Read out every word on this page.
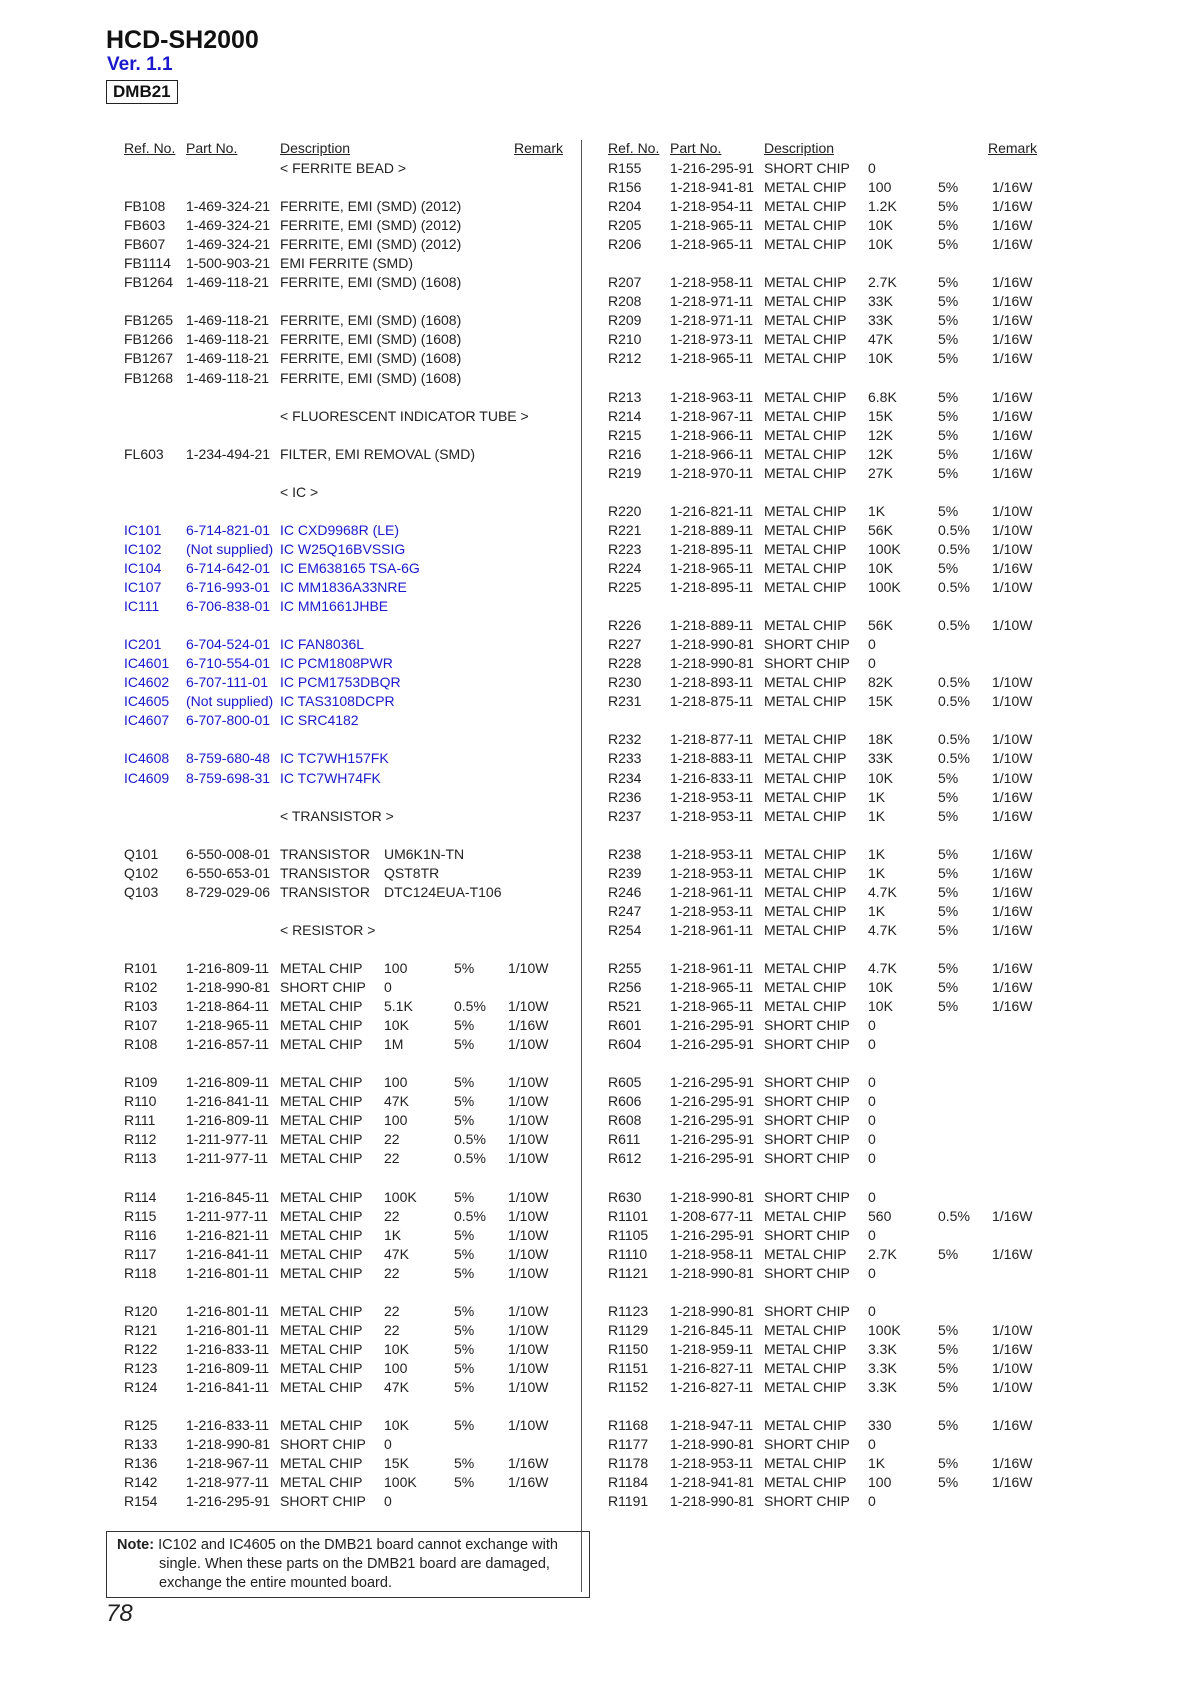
HCD-SH2000
Ver. 1.1
DMB21
Ref. No. Part No.	Description	Remark
< FERRITE BEAD >
FB108 1-469-324-21 FERRITE, EMI (SMD) (2012)
FB603 1-469-324-21 FERRITE, EMI (SMD) (2012)
FB607 1-469-324-21 FERRITE, EMI (SMD) (2012)
FB1114 1-500-903-21 EMI FERRITE (SMD)
FB1264 1-469-118-21 FERRITE, EMI (SMD) (1608)
FB1265 1-469-118-21 FERRITE, EMI (SMD) (1608)
FB1266 1-469-118-21 FERRITE, EMI (SMD) (1608)
FB1267 1-469-118-21 FERRITE, EMI (SMD) (1608)
FB1268 1-469-118-21 FERRITE, EMI (SMD) (1608)
< FLUORESCENT INDICATOR TUBE >
FL603 1-234-494-21 FILTER, EMI REMOVAL (SMD)
< IC >
IC101 6-714-821-01 IC CXD9968R (LE)
IC102 (Not supplied) IC W25Q16BVSSIG
IC104 6-714-642-01 IC EM638165 TSA-6G
IC107 6-716-993-01 IC MM1836A33NRE
IC111 6-706-838-01 IC MM1661JHBE
IC201 6-704-524-01 IC FAN8036L
IC4601 6-710-554-01 IC PCM1808PWR
IC4602 6-707-111-01 IC PCM1753DBQR
IC4605 (Not supplied) IC TAS3108DCPR
IC4607 6-707-800-01 IC SRC4182
IC4608 8-759-680-48 IC TC7WH157FK
IC4609 8-759-698-31 IC TC7WH74FK
< TRANSISTOR >
Q101 6-550-008-01 TRANSISTOR UM6K1N-TN
Q102 6-550-653-01 TRANSISTOR QST8TR
Q103 8-729-029-06 TRANSISTOR DTC124EUA-T106
< RESISTOR >
R101 1-216-809-11 METAL CHIP 100	5% 1/10W
R102 1-218-990-81 SHORT CHIP 0
R103 1-218-864-11 METAL CHIP 5.1K	0.5% 1/10W
R107 1-218-965-11 METAL CHIP 10K	5% 1/16W
R108 1-216-857-11 METAL CHIP 1M	5% 1/10W
R109 1-216-809-11 METAL CHIP 100	5% 1/10W
R110 1-216-841-11 METAL CHIP 47K	5% 1/10W
R111 1-216-809-11 METAL CHIP 100	5% 1/10W
R112 1-211-977-11 METAL CHIP 22	0.5% 1/10W
R113 1-211-977-11 METAL CHIP 22	0.5% 1/10W
R114 1-216-845-11 METAL CHIP 100K	5% 1/10W
R115 1-211-977-11 METAL CHIP 22	0.5% 1/10W
R116 1-216-821-11 METAL CHIP 1K	5% 1/10W
R117 1-216-841-11 METAL CHIP 47K	5% 1/10W
R118 1-216-801-11 METAL CHIP 22	5% 1/10W
R120 1-216-801-11 METAL CHIP 22	5% 1/10W
R121 1-216-801-11 METAL CHIP 22	5% 1/10W
R122 1-216-833-11 METAL CHIP 10K	5% 1/10W
R123 1-216-809-11 METAL CHIP 100	5% 1/10W
R124 1-216-841-11 METAL CHIP 47K	5% 1/10W
R125 1-216-833-11 METAL CHIP 10K	5% 1/10W
R133 1-218-990-81 SHORT CHIP 0
R136 1-218-967-11 METAL CHIP 15K	5% 1/16W
R142 1-218-977-11 METAL CHIP 100K	5% 1/16W
R154 1-216-295-91 SHORT CHIP 0
Ref. No. Part No.	Description	Remark
R155 1-216-295-91 SHORT CHIP 0
R156 1-218-941-81 METAL CHIP 100	5% 1/16W
R204 1-218-954-11 METAL CHIP 1.2K	5% 1/16W
R205 1-218-965-11 METAL CHIP 10K	5% 1/16W
R206 1-218-965-11 METAL CHIP 10K	5% 1/16W
R207 1-218-958-11 METAL CHIP 2.7K	5% 1/16W
R208 1-218-971-11 METAL CHIP 33K	5% 1/16W
R209 1-218-971-11 METAL CHIP 33K	5% 1/16W
R210 1-218-973-11 METAL CHIP 47K	5% 1/16W
R212 1-218-965-11 METAL CHIP 10K	5% 1/16W
R213 1-218-963-11 METAL CHIP 6.8K	5% 1/16W
R214 1-218-967-11 METAL CHIP 15K	5% 1/16W
R215 1-218-966-11 METAL CHIP 12K	5% 1/16W
R216 1-218-966-11 METAL CHIP 12K	5% 1/16W
R219 1-218-970-11 METAL CHIP 27K	5% 1/16W
R220 1-216-821-11 METAL CHIP 1K	5% 1/10W
R221 1-218-889-11 METAL CHIP 56K	0.5% 1/10W
R223 1-218-895-11 METAL CHIP 100K	0.5% 1/10W
R224 1-218-965-11 METAL CHIP 10K	5% 1/16W
R225 1-218-895-11 METAL CHIP 100K	0.5% 1/10W
R226 1-218-889-11 METAL CHIP 56K	0.5% 1/10W
R227 1-218-990-81 SHORT CHIP 0
R228 1-218-990-81 SHORT CHIP 0
R230 1-218-893-11 METAL CHIP 82K	0.5% 1/10W
R231 1-218-875-11 METAL CHIP 15K	0.5% 1/10W
R232 1-218-877-11 METAL CHIP 18K	0.5% 1/10W
R233 1-218-883-11 METAL CHIP 33K	0.5% 1/10W
R234 1-216-833-11 METAL CHIP 10K	5% 1/10W
R236 1-218-953-11 METAL CHIP 1K	5% 1/16W
R237 1-218-953-11 METAL CHIP 1K	5% 1/16W
R238 1-218-953-11 METAL CHIP 1K	5% 1/16W
R239 1-218-953-11 METAL CHIP 1K	5% 1/16W
R246 1-218-961-11 METAL CHIP 4.7K	5% 1/16W
R247 1-218-953-11 METAL CHIP 1K	5% 1/16W
R254 1-218-961-11 METAL CHIP 4.7K	5% 1/16W
R255 1-218-961-11 METAL CHIP 4.7K	5% 1/16W
R256 1-218-965-11 METAL CHIP 10K	5% 1/16W
R521 1-218-965-11 METAL CHIP 10K	5% 1/16W
R601 1-216-295-91 SHORT CHIP 0
R604 1-216-295-91 SHORT CHIP 0
R605 1-216-295-91 SHORT CHIP 0
R606 1-216-295-91 SHORT CHIP 0
R608 1-216-295-91 SHORT CHIP 0
R611 1-216-295-91 SHORT CHIP 0
R612 1-216-295-91 SHORT CHIP 0
R630 1-218-990-81 SHORT CHIP 0
R1101 1-208-677-11 METAL CHIP 560	0.5% 1/16W
R1105 1-216-295-91 SHORT CHIP 0
R1110 1-218-958-11 METAL CHIP 2.7K	5% 1/16W
R1121 1-218-990-81 SHORT CHIP 0
R1123 1-218-990-81 SHORT CHIP 0
R1129 1-216-845-11 METAL CHIP 100K	5% 1/10W
R1150 1-218-959-11 METAL CHIP 3.3K	5% 1/16W
R1151 1-216-827-11 METAL CHIP 3.3K	5% 1/10W
R1152 1-216-827-11 METAL CHIP 3.3K	5% 1/10W
R1168 1-218-947-11 METAL CHIP 330	5% 1/16W
R1177 1-218-990-81 SHORT CHIP 0
R1178 1-218-953-11 METAL CHIP 1K	5% 1/16W
R1184 1-218-941-81 METAL CHIP 100	5% 1/16W
R1191 1-218-990-81 SHORT CHIP 0
Note: IC102 and IC4605 on the DMB21 board cannot exchange with
single. When these parts on the DMB21 board are damaged,
exchange the entire mounted board.
78
